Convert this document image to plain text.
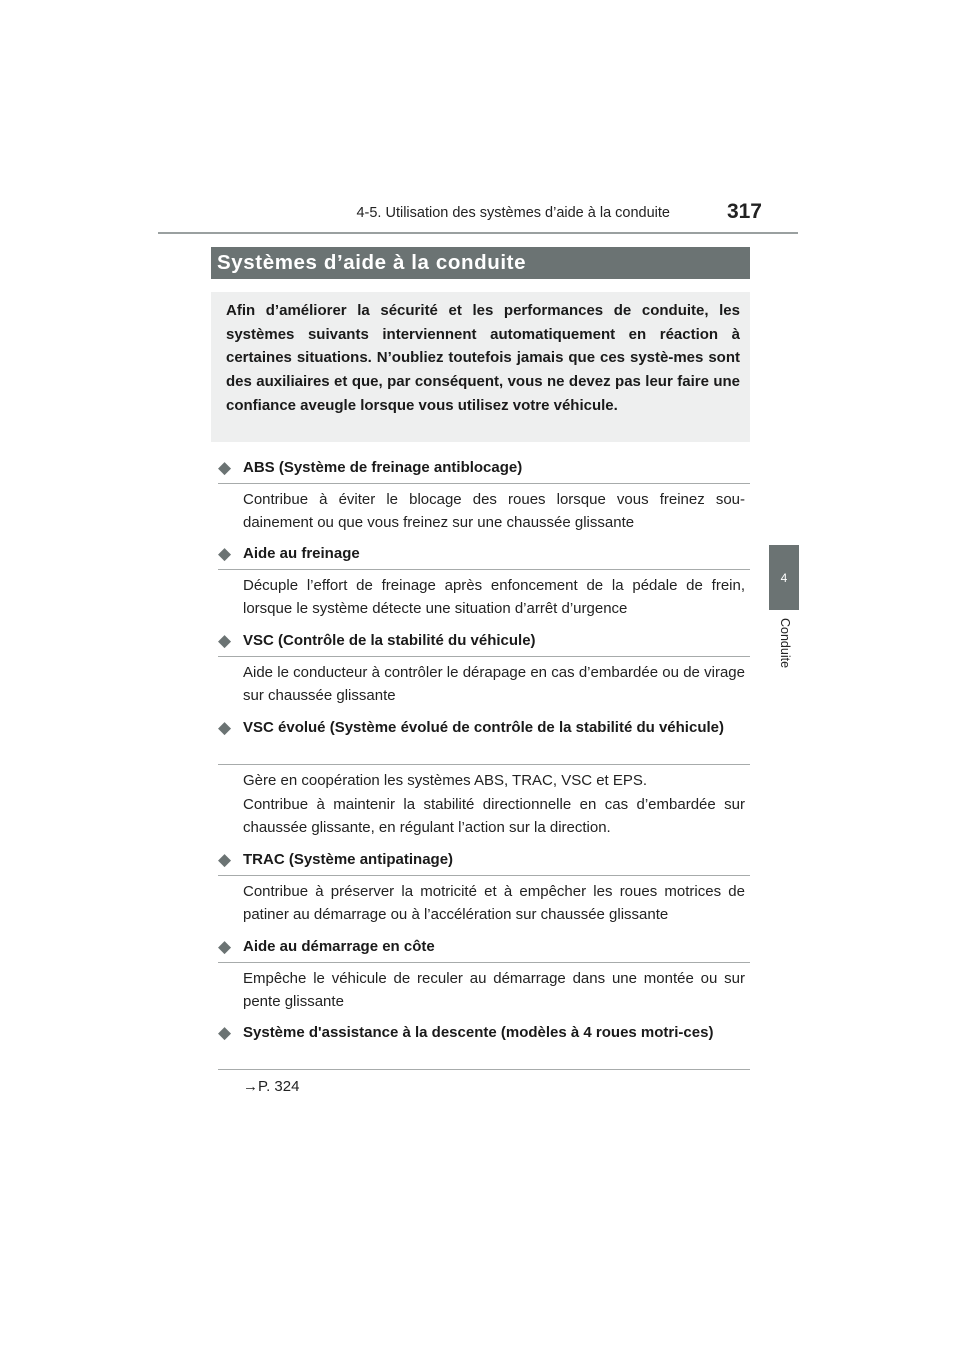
4-5. Utilisation des systèmes d’aide à la conduite	317
4
Conduite
Systèmes d’aide à la conduite
Afin d’améliorer la sécurité et les performances de conduite, les systèmes suivants interviennent automatiquement en réaction à certaines situations. N’oubliez toutefois jamais que ces systè-mes sont des auxiliaires et que, par conséquent, vous ne devez pas leur faire une confiance aveugle lorsque vous utilisez votre véhicule.
◆ ABS (Système de freinage antiblocage)
Contribue à éviter le blocage des roues lorsque vous freinez sou-dainement ou que vous freinez sur une chaussée glissante
◆ Aide au freinage
Décuple l’effort de freinage après enfoncement de la pédale de frein, lorsque le système détecte une situation d’arrêt d’urgence
◆ VSC (Contrôle de la stabilité du véhicule)
Aide le conducteur à contrôler le dérapage en cas d’embardée ou de virage sur chaussée glissante
◆ VSC évolué (Système évolué de contrôle de la stabilité du véhicule)
Gère en coopération les systèmes ABS, TRAC, VSC et EPS.
Contribue à maintenir la stabilité directionnelle en cas d’embardée sur chaussée glissante, en régulant l’action sur la direction.
◆ TRAC (Système antipatinage)
Contribue à préserver la motricité et à empêcher les roues motrices de patiner au démarrage ou à l’accélération sur chaussée glissante
◆ Aide au démarrage en côte
Empêche le véhicule de reculer au démarrage dans une montée ou sur pente glissante
◆ Système d'assistance à la descente (modèles à 4 roues motri-ces)
→P. 324
